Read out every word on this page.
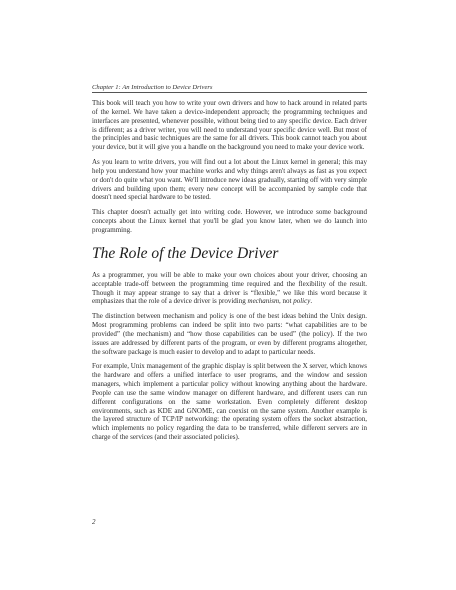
Chapter 1: An Introduction to Device Drivers

This book will teach you how to write your own drivers and how to hack around in related parts of the kernel. We have taken a device-independent approach; the programming techniques and interfaces are presented, whenever possible, without being tied to any specific device. Each driver is different; as a driver writer, you will need to understand your specific device well. But most of the principles and basic techniques are the same for all drivers. This book cannot teach you about your device, but it will give you a handle on the background you need to make your device work.

As you learn to write drivers, you will find out a lot about the Linux kernel in general; this may help you understand how your machine works and why things aren't always as fast as you expect or don't do quite what you want. We'll introduce new ideas gradually, starting off with very simple drivers and building upon them; every new concept will be accompanied by sample code that doesn't need special hardware to be tested.

This chapter doesn't actually get into writing code. However, we introduce some background concepts about the Linux kernel that you'll be glad you know later, when we do launch into programming.

The Role of the Device Driver

As a programmer, you will be able to make your own choices about your driver, choosing an acceptable trade-off between the programming time required and the flexibility of the result. Though it may appear strange to say that a driver is “flexible,” we like this word because it emphasizes that the role of a device driver is providing mechanism, not policy.

The distinction between mechanism and policy is one of the best ideas behind the Unix design. Most programming problems can indeed be split into two parts: “what capabilities are to be provided” (the mechanism) and “how those capabilities can be used” (the policy). If the two issues are addressed by different parts of the program, or even by different programs altogether, the software package is much easier to develop and to adapt to particular needs.

For example, Unix management of the graphic display is split between the X server, which knows the hardware and offers a unified interface to user programs, and the window and session managers, which implement a particular policy without knowing anything about the hardware. People can use the same window manager on different hardware, and different users can run different configurations on the same workstation. Even completely different desktop environments, such as KDE and GNOME, can coexist on the same system. Another example is the layered structure of TCP/IP networking: the operating system offers the socket abstraction, which implements no policy regarding the data to be transferred, while different servers are in charge of the services (and their associated policies).

2
